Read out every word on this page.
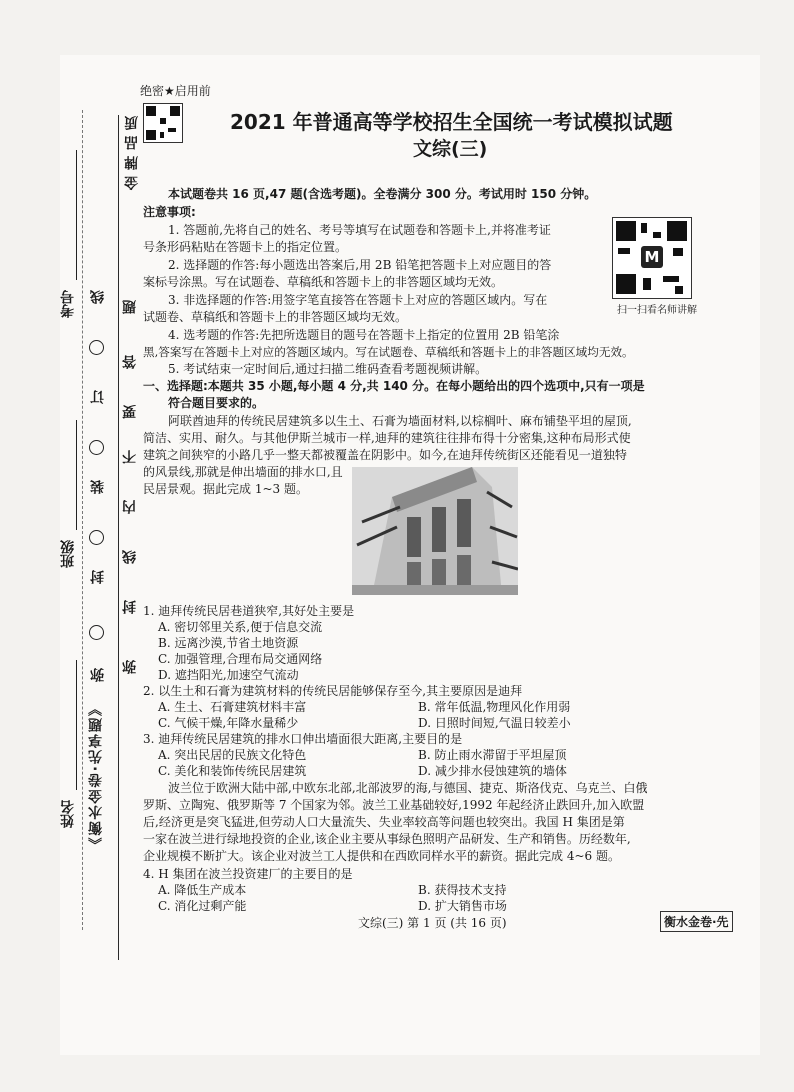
金牌品质
考号
班级
姓名 《衡水金卷·先享题》
线
订
装
封
弥
题
答
要
不
内
线
封
弥
绝密★启用前
2021 年普通高等学校招生全国统一考试模拟试题
文综(三)
本试题卷共 16 页,47 题(含选考题)。全卷满分 300 分。考试用时 150 分钟。
注意事项:
1. 答题前,先将自己的姓名、考号等填写在试题卷和答题卡上,并将准考证
号条形码粘贴在答题卡上的指定位置。
2. 选择题的作答:每小题选出答案后,用 2B 铅笔把答题卡上对应题目的答
案标号涂黑。写在试题卷、草稿纸和答题卡上的非答题区域均无效。
3. 非选择题的作答:用签字笔直接答在答题卡上对应的答题区域内。写在
试题卷、草稿纸和答题卡上的非答题区域均无效。
4. 选考题的作答:先把所选题目的题号在答题卡上指定的位置用 2B 铅笔涂
黑,答案写在答题卡上对应的答题区域内。写在试题卷、草稿纸和答题卡上的非答题区域均无效。
5. 考试结束一定时间后,通过扫描二维码查看考题视频讲解。
M
扫一扫看名师讲解
一、选择题:本题共 35 小题,每小题 4 分,共 140 分。在每小题给出的四个选项中,只有一项是
符合题目要求的。
阿联酋迪拜的传统民居建筑多以生土、石膏为墙面材料,以棕榈叶、麻布铺垫平坦的屋顶,
简洁、实用、耐久。与其他伊斯兰城市一样,迪拜的建筑往往排布得十分密集,这种布局形式使
建筑之间狭窄的小路几乎一整天都被覆盖在阴影中。如今,在迪拜传统街区还能看见一道独特
的风景线,那就是伸出墙面的排水口,且
民居景观。据此完成 1~3 题。
1. 迪拜传统民居巷道狭窄,其好处主要是
A. 密切邻里关系,便于信息交流
B. 远离沙漠,节省土地资源
C. 加强管理,合理布局交通网络
D. 遮挡阳光,加速空气流动
2. 以生土和石膏为建筑材料的传统民居能够保存至今,其主要原因是迪拜
A. 生土、石膏建筑材料丰富	B. 常年低温,物理风化作用弱
C. 气候干燥,年降水量稀少	D. 日照时间短,气温日较差小
3. 迪拜传统民居建筑的排水口伸出墙面很大距离,主要目的是
A. 突出民居的民族文化特色	B. 防止雨水滞留于平坦屋顶
C. 美化和装饰传统民居建筑	D. 减少排水侵蚀建筑的墙体
波兰位于欧洲大陆中部,中欧东北部,北部波罗的海,与德国、捷克、斯洛伐克、乌克兰、白俄
罗斯、立陶宛、俄罗斯等 7 个国家为邻。波兰工业基础较好,1992 年起经济止跌回升,加入欧盟
后,经济更是突飞猛进,但劳动人口大量流失、失业率较高等问题也较突出。我国 H 集团是第
一家在波兰进行绿地投资的企业,该企业主要从事绿色照明产品研发、生产和销售。历经数年,
企业规模不断扩大。该企业对波兰工人提供和在西欧同样水平的薪资。据此完成 4~6 题。
4. H 集团在波兰投资建厂的主要目的是
A. 降低生产成本	B. 获得技术支持
C. 消化过剩产能	D. 扩大销售市场
文综(三) 第 1 页 (共 16 页)	衡水金卷·先
